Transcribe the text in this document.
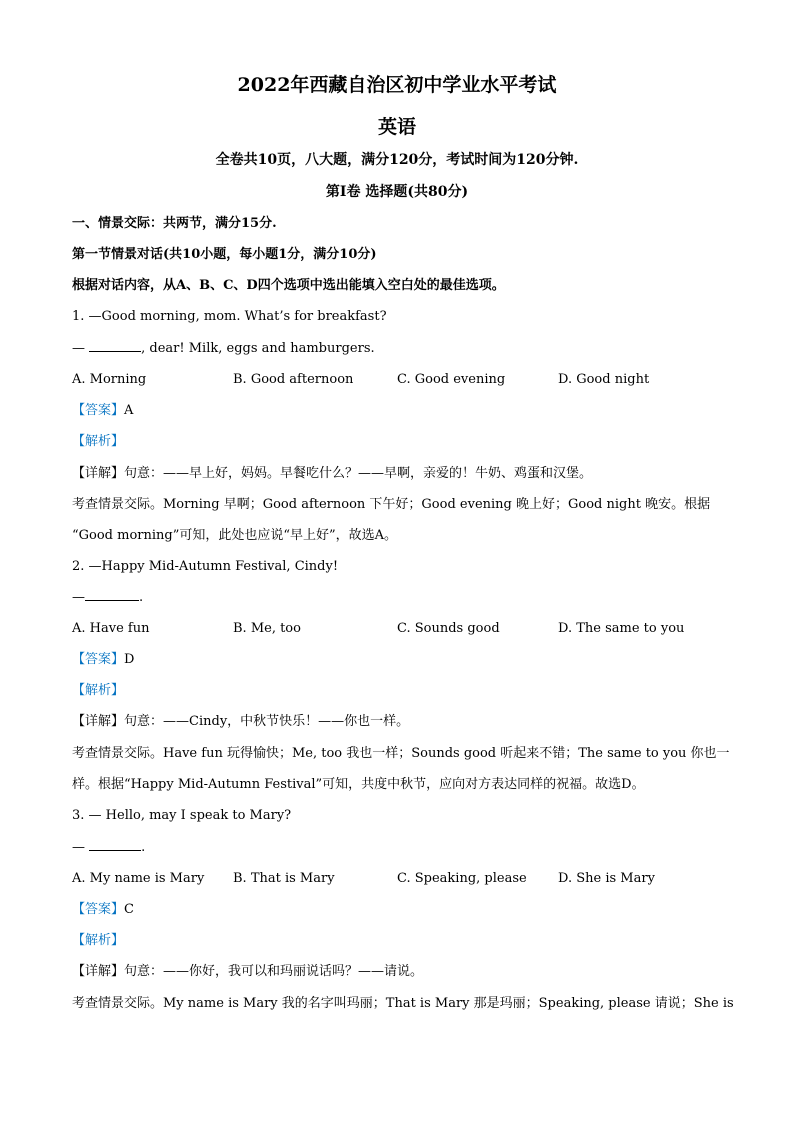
2022年西藏自治区初中学业水平考试
英语
全卷共10页，八大题，满分120分，考试时间为120分钟.
第Ⅰ卷 选择题(共80分)
一、情景交际：共两节，满分15分.
第一节情景对话(共10小题，每小题1分，满分10分)
根据对话内容，从A、B、C、D四个选项中选出能填入空白处的最佳选项。
1. —Good morning, mom. What’s for breakfast?
—	, dear! Milk, eggs and hamburgers.
A. Morning	B. Good afternoon	C. Good evening	D. Good night
【答案】A
【解析】
【详解】句意：——早上好，妈妈。早餐吃什么？——早啊，亲爱的！牛奶、鸡蛋和汉堡。
考查情景交际。Morning 早啊；Good afternoon 下午好；Good evening 晚上好；Good night 晚安。根据
“Good morning”可知，此处也应说“早上好”，故选A。
2. —Happy Mid-Autumn Festival, Cindy!
—	.
A. Have fun	B. Me, too	C. Sounds good	D. The same to you
【答案】D
【解析】
【详解】句意：——Cindy，中秋节快乐！——你也一样。
考查情景交际。Have fun 玩得愉快；Me, too 我也一样；Sounds good 听起来不错；The same to you 你也一
样。根据“Happy Mid-Autumn Festival”可知，共度中秋节，应向对方表达同样的祝福。故选D。
3. — Hello, may I speak to Mary?
—	.
A. My name is Mary B. That is Mary	C. Speaking, please D. She is Mary
【答案】C
【解析】
【详解】句意：——你好，我可以和玛丽说话吗？——请说。
考查情景交际。My name is Mary 我的名字叫玛丽；That is Mary 那是玛丽；Speaking, please 请说；She is
